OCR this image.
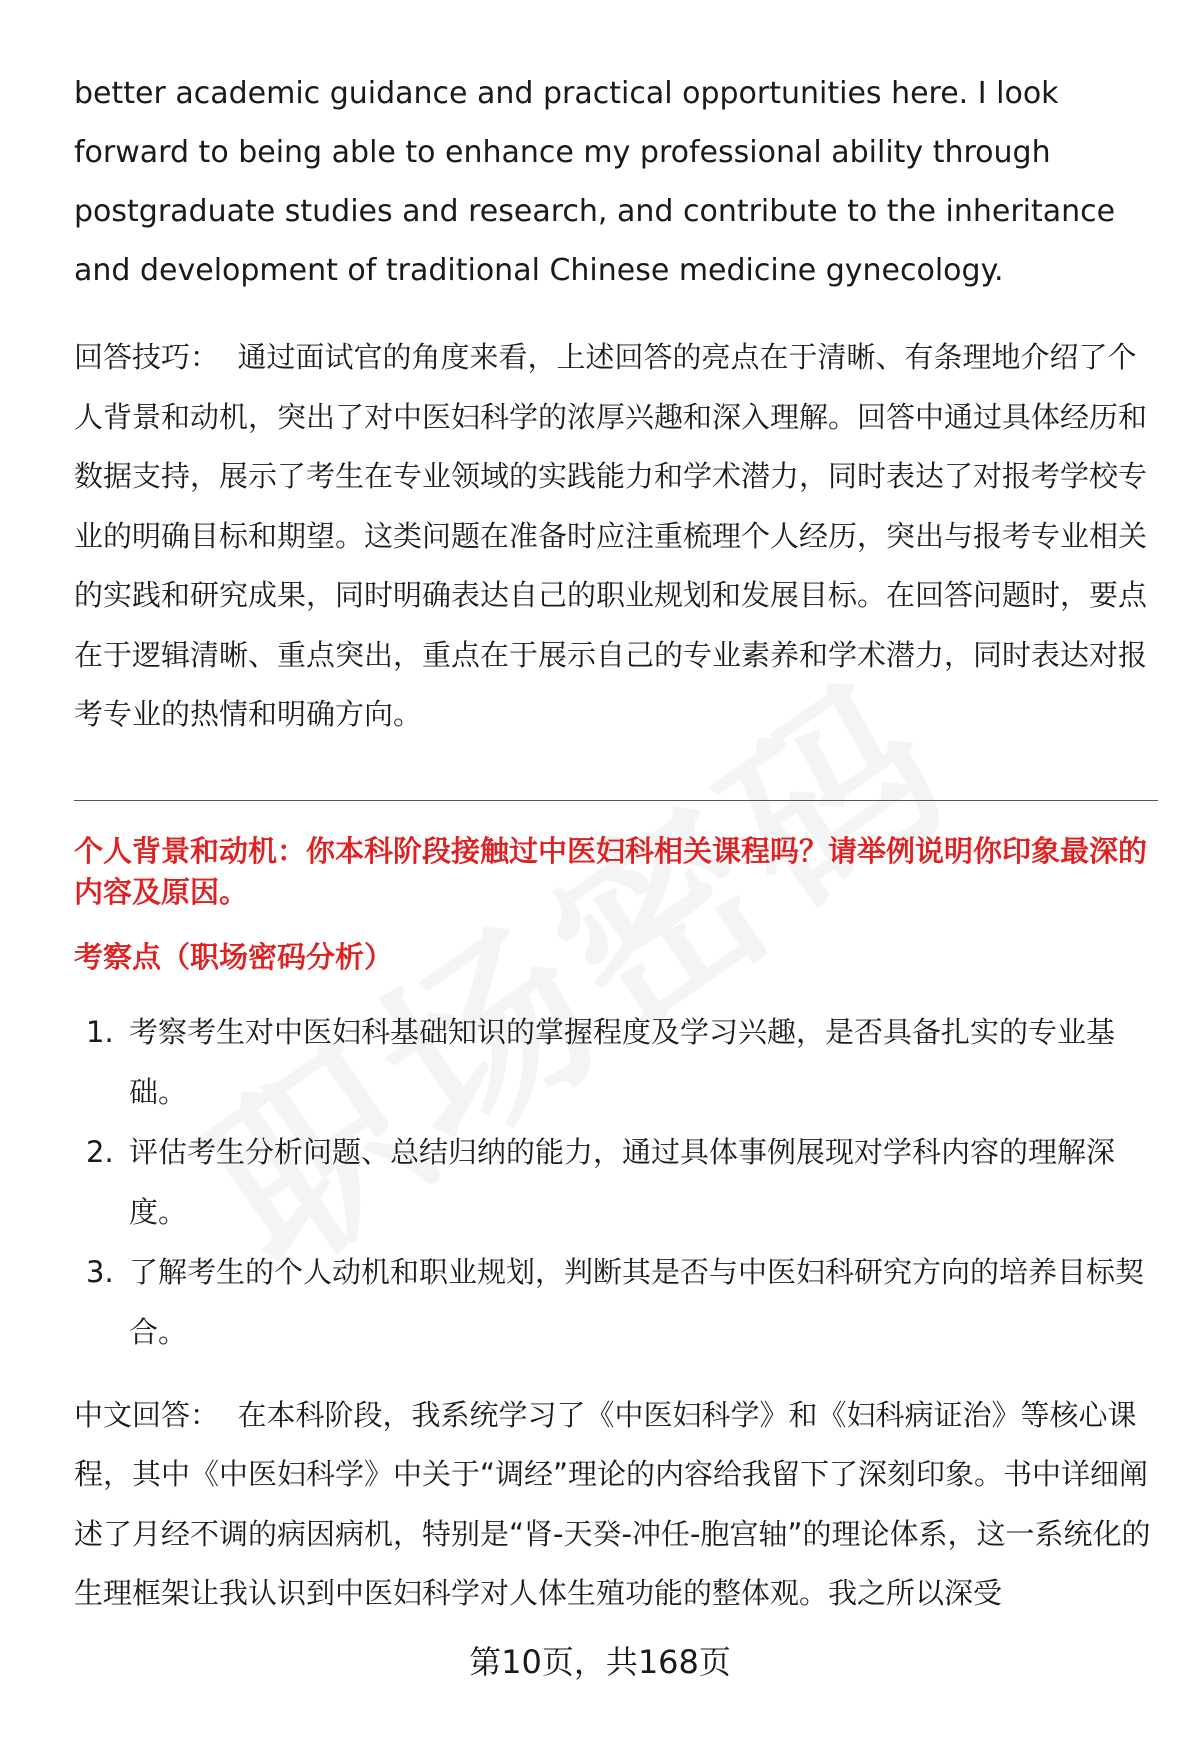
better academic guidance and practical opportunities here. I look forward to being able to enhance my professional ability through postgraduate studies and research, and contribute to the inheritance and development of traditional Chinese medicine gynecology.

回答技巧： 通过面试官的角度来看，上述回答的亮点在于清晰、有条理地介绍了个人背景和动机，突出了对中医妇科学的浓厚兴趣和深入理解。回答中通过具体经历和数据支持，展示了考生在专业领域的实践能力和学术潜力，同时表达了对报考学校专业的明确目标和期望。这类问题在准备时应注重梳理个人经历，突出与报考专业相关的实践和研究成果，同时明确表达自己的职业规划和发展目标。在回答问题时，要点在于逻辑清晰、重点突出，重点在于展示自己的专业素养和学术潜力，同时表达对报考专业的热情和明确方向。

个人背景和动机：你本科阶段接触过中医妇科相关课程吗？请举例说明你印象最深的内容及原因。
考察点（职场密码分析）
1. 考察考生对中医妇科基础知识的掌握程度及学习兴趣，是否具备扎实的专业基础。
2. 评估考生分析问题、总结归纳的能力，通过具体事例展现对学科内容的理解深度。
3. 了解考生的个人动机和职业规划，判断其是否与中医妇科研究方向的培养目标契合。

中文回答： 在本科阶段，我系统学习了《中医妇科学》和《妇科病证治》等核心课程，其中《中医妇科学》中关于“调经”理论的内容给我留下了深刻印象。书中详细阐述了月经不调的病因病机，特别是“肾-天癸-冲任-胞宫轴”的理论体系，这一系统化的生理框架让我认识到中医妇科学对人体生殖功能的整体观。我之所以深受

第10页，共168页
